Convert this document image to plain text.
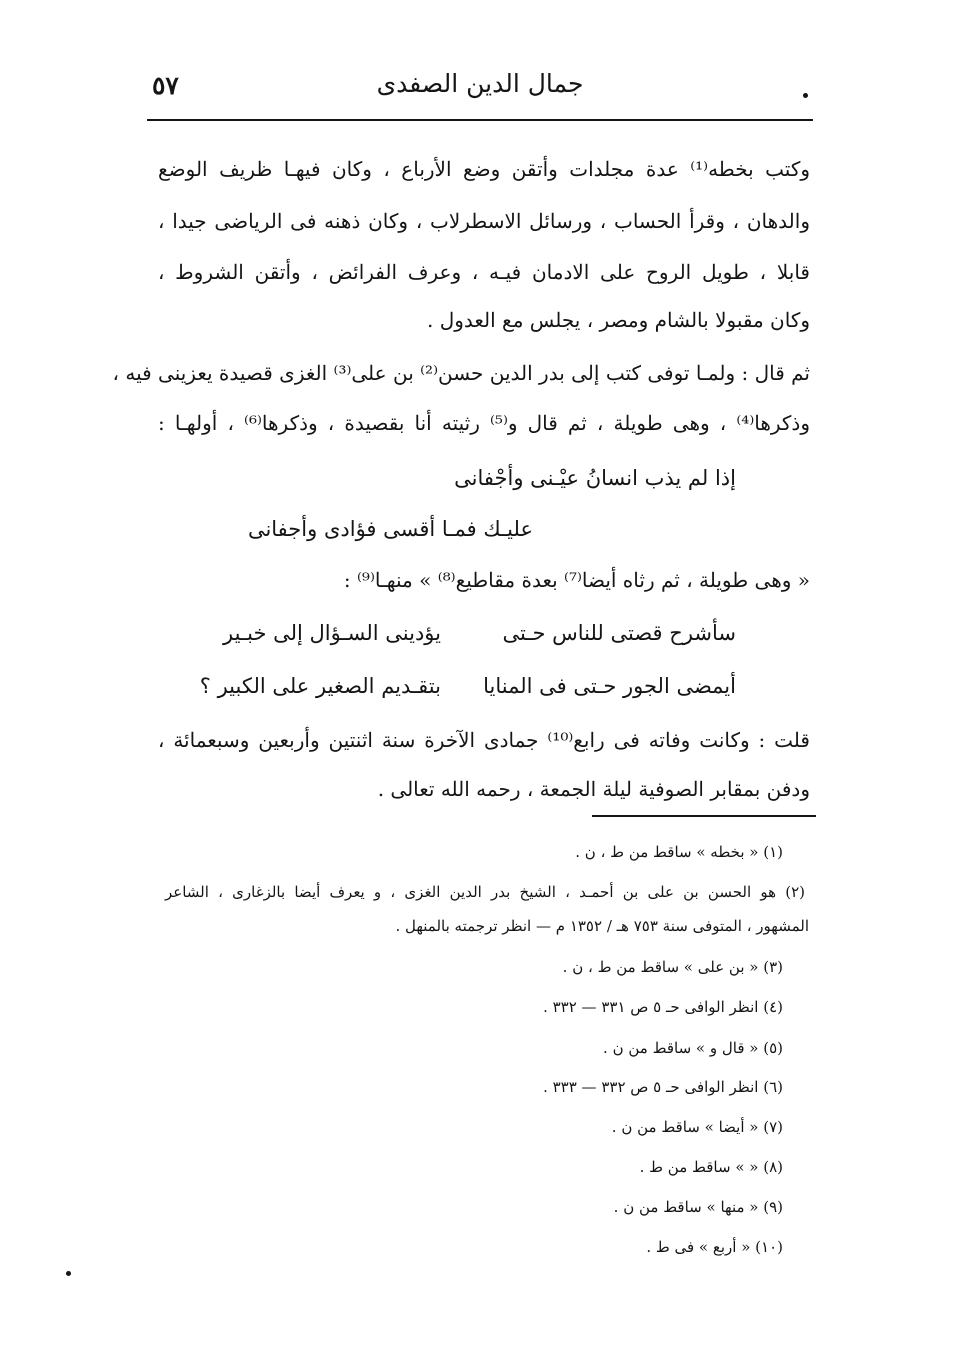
جمال الدين الصفدى
٥٧
وكتب بخطه⁽¹⁾ عدة مجلدات وأتقن وضع الأرباع ، وكان فيهـا ظريف الوضع
والدهان ، وقرأ الحساب ، ورسائل الاسطرلاب ، وكان ذهنه فى الرياضى جيدا ،
قابلا ، طويل الروح على الادمان فيـه ، وعرف الفرائض ، وأتقن الشروط ،
وكان مقبولا بالشام ومصر ، يجلس مع العدول .
ثم قال : ولمـا توفى كتب إلى بدر الدين حسن⁽²⁾ بن على⁽³⁾ الغزى قصيدة يعزينى فيه ،
وذكرها⁽⁴⁾ ، وهى طويلة ، ثم قال و⁽⁵⁾ رثيته أنا بقصيدة ، وذكرها⁽⁶⁾ ، أولهـا :
إذا لم يذب انسانُ عيْـنى وأجْفانى
عليـك فمـا أقسى فؤادى وأجفانى
« وهى طويلة ، ثم رثاه أيضا⁽⁷⁾ بعدة مقاطيع⁽⁸⁾ » منهـا⁽⁹⁾ :
سأشرح قصتى للناس حـتى
يؤدينى السـؤال إلى خبـير
أيمضى الجور حـتى فى المنايا
بتقـديم الصغير على الكبير ؟
قلت : وكانت وفاته فى رابع⁽¹⁰⁾ جمادى الآخرة سنة اثنتين وأربعين وسبعمائة ،
ودفن بمقابر الصوفية ليلة الجمعة ، رحمه الله تعالى .
(١) « بخطه » ساقط من ط ، ن .
(٢) هو الحسن بن على بن أحمـد ، الشيخ بدر الدين الغزى ، و يعرف أيضا بالزغارى ، الشاعر
المشهور ، المتوفى سنة ٧٥٣ هـ / ١٣٥٢ م — انظر ترجمته بالمنهل .
(٣) « بن على » ساقط من ط ، ن .
(٤) انظر الوافى حـ ٥ ص ٣٣١ — ٣٣٢ .
(٥) « قال و » ساقط من ن .
(٦) انظر الوافى حـ ٥ ص ٣٣٢ — ٣٣٣ .
(٧) « أيضا » ساقط من ن .
(٨) « » ساقط من ط .
(٩) « منها » ساقط من ن .
(١٠) « أربع » فى ط .
